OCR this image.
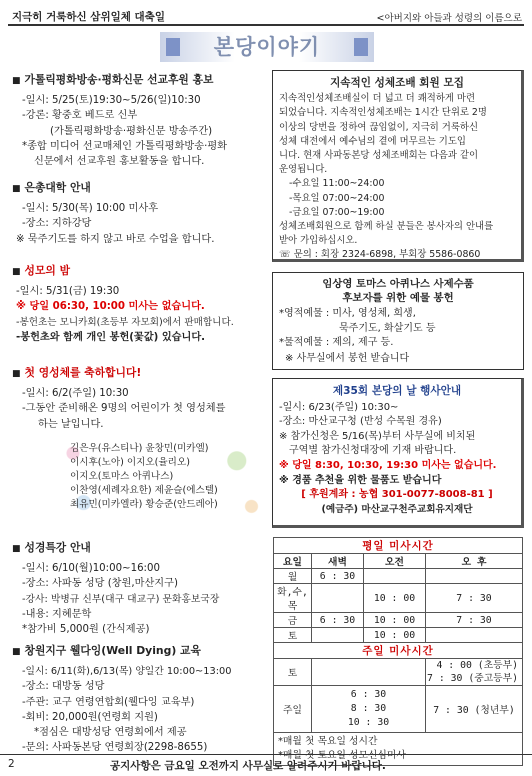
지극히 거룩하신 삼위일체 대축일	<아버지와 아들과 성령의 이름으로
본당이야기
■ 가톨릭평화방송·평화신문 선교후원 홍보
-일시: 5/25(토)19:30~5/26(일)10:30
-강론: 황중호 베드로 신부
(가톨릭평화방송·평화신문 방송주간)
*종합 미디어 선교매체인 가톨릭평화방송·평화
신문에서 선교후원 홍보활동을 합니다.
■ 은총대학 안내
-일시: 5/30(목) 10:00 미사후
-장소: 지하강당
※ 묵주기도를 하지 않고 바로 수업을 합니다.
■ 성모의 밤
-일시: 5/31(금) 19:30
※ 당일 06:30, 10:00 미사는 없습니다.
-봉헌초는 모니카회(초등부 자모회)에서 판매합니다.
-봉헌초와 함께 개인 봉헌(꽃값) 있습니다.
■ 첫 영성체를 축하합니다!
-일시: 6/2(주일) 10:30
-그동안 준비해온 9명의 어린이가 첫 영성체를
하는 날입니다.
김은우(유스티나) 윤창민(미카엘)
이시후(노아) 이지오(율리오)
이지오(토마스 아퀴나스)
이찬영(세례자요한) 제윤슬(에스텔)
최유민(미카엘라) 황승준(안드레아)
■ 성경특강 안내
-일시: 6/10(월)10:00~16:00
-장소: 사파동 성당 (창원,마산지구)
-강사: 박병규 신부(대구 대교구) 문화홍보국장
-내용: 지혜문학
*참가비 5,000원 (간식제공)
■ 창원지구 웰다잉(Well Dying) 교육
-일시: 6/11(화),6/13(목) 양일간 10:00~13:00
-장소: 대방동 성당
-주관: 교구 연령연합회(웰다잉 교육부)
-회비: 20,000원(연령회 지원)
*점심은 대방성당 연령회에서 제공
-문의: 사파동본당 연령회장(2298-8655)
지속적인 성체조배 회원 모집
지속적인성체조배실이 더 넓고 더 쾌적하게 마련
되었습니다. 지속적인성체조배는 1시간 단위로 2명
이상의 당번을 정하여 끊임없이, 지극히 거룩하신
성체 대전에서 예수님의 곁에 머무르는 기도입
니다. 현재 사파동본당 성체조배회는 다음과 같이
운영됩니다.
-수요일 11:00~24:00
-목요일 07:00~24:00
-금요일 07:00~19:00
성체조배회원으로 함께 하실 분들은 봉사자의 안내를
받아 가입하십시오.
☏ 문의 : 회장 2324-6898, 부회장 5586-0860
임상영 토마스 아퀴나스 사제수품
후보자를 위한 예물 봉헌
*영적예물 : 미사, 영성체, 희생,
묵주기도, 화살기도 등
*물적예물 : 제의, 제구 등.
※ 사무실에서 봉헌 받습니다
제35회 본당의 날 행사안내
-일시: 6/23(주일) 10:30~
-장소: 마산교구청 (반성 수목원 경유)
※ 참가신청은 5/16(목)부터 사무실에 비치된
구역별 참가신청대장에 기재 바랍니다.
※ 당일 8:30, 10:30, 19:30 미사는 없습니다.
※ 경품 추천을 위한 물품도 받습니다
[ 후원계좌 : 농협 301-0077-8008-81 ]
(예금주) 마산교구천주교회유지재단
평일 미사시간			
요일	새벽	오전	오 후
월	6 : 30		
화,수,목		10 : 00	7 : 30
금	6 : 30	10 : 00	7 : 30
토		10 : 00	
주일 미사시간			
토			4 : 00 (초등부)
7 : 30 (중고등부)

주일	6 : 30
8 : 30
10 : 30		7 : 30 (청년부)

*매월 첫 목요일 성시간
*매월 첫 토요일 성모신심미사			
2	공지사항은 금요일 오전까지 사무실로 알려주시기 바랍니다.
